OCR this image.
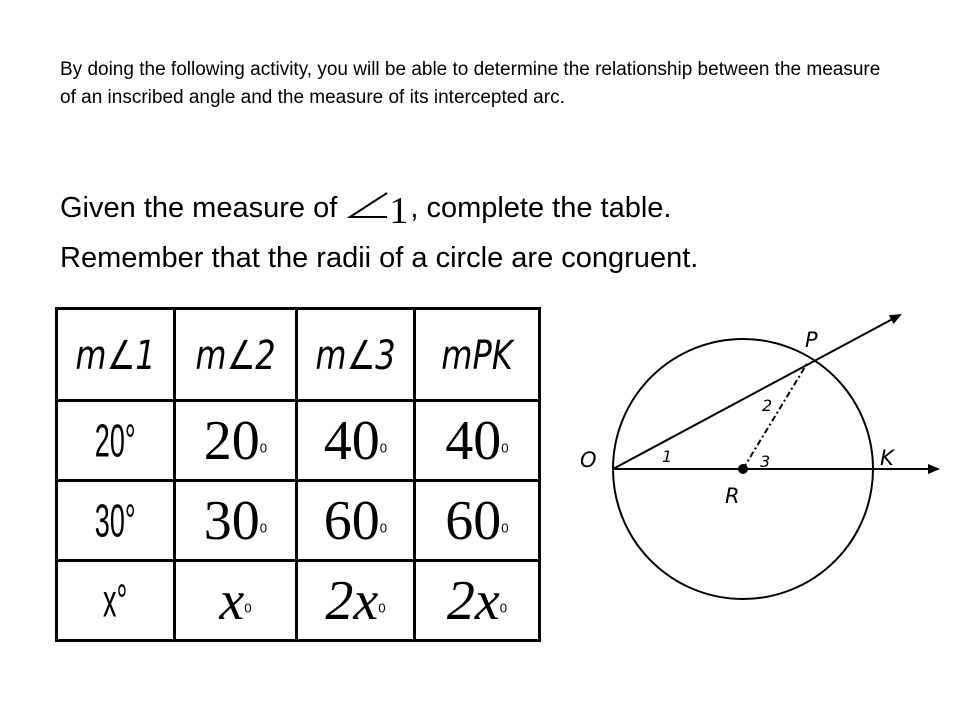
By doing the following activity, you will be able to determine the relationship between the measure of an inscribed angle and the measure of its intercepted arc.

Given the measure of 1, complete the table.
Remember that the radii of a circle are congruent.
m∠1	m∠2	m∠3	mPK
20°	$20^0$	$40^0$	$40^0$
30°	$30^0$	$60^0$	$60^0$
x°	$x^0$	$2x^0$	$2x^0$
O
P
K
R
1
2
3
